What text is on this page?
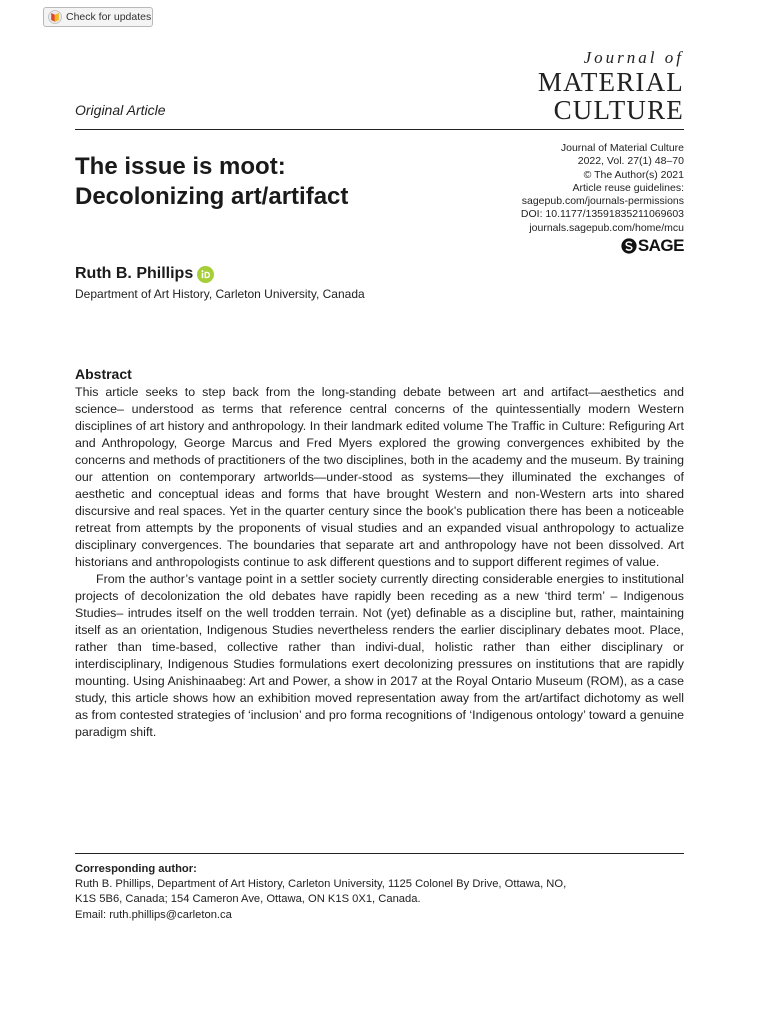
Check for updates
Journal of
MATERIAL
CULTURE
Original Article
The issue is moot:
Decolonizing art/artifact
Journal of Material Culture
2022, Vol. 27(1) 48–70
© The Author(s) 2021
Article reuse guidelines:
sagepub.com/journals-permissions
DOI: 10.1177/13591835211069603
journals.sagepub.com/home/mcu
SAGE
Ruth B. Phillips
Department of Art History, Carleton University, Canada
Abstract

This article seeks to step back from the long-standing debate between art and artifact—aesthetics and science– understood as terms that reference central concerns of the quintessentially modern Western disciplines of art history and anthropology. In their landmark edited volume The Traffic in Culture: Refiguring Art and Anthropology, George Marcus and Fred Myers explored the growing convergences exhibited by the concerns and methods of practitioners of the two disciplines, both in the academy and the museum. By training our attention on contemporary artworlds—under-stood as systems—they illuminated the exchanges of aesthetic and conceptual ideas and forms that have brought Western and non-Western arts into shared discursive and real spaces. Yet in the quarter century since the book’s publication there has been a noticeable retreat from attempts by the proponents of visual studies and an expanded visual anthropology to actualize disciplinary convergences. The boundaries that separate art and anthropology have not been dissolved. Art historians and anthropologists continue to ask different questions and to support different regimes of value.

From the author’s vantage point in a settler society currently directing considerable energies to institutional projects of decolonization the old debates have rapidly been receding as a new ‘third term’ – Indigenous Studies– intrudes itself on the well trodden terrain. Not (yet) definable as a discipline but, rather, maintaining itself as an orientation, Indigenous Studies nevertheless renders the earlier disciplinary debates moot. Place, rather than time-based, collective rather than indivi-dual, holistic rather than either disciplinary or interdisciplinary, Indigenous Studies formulations exert decolonizing pressures on institutions that are rapidly mounting. Using Anishinaabeg: Art and Power, a show in 2017 at the Royal Ontario Museum (ROM), as a case study, this article shows how an exhibition moved representation away from the art/artifact dichotomy as well as from contested strategies of ‘inclusion’ and pro forma recognitions of ‘Indigenous ontology’ toward a genuine paradigm shift.

Corresponding author:
Ruth B. Phillips, Department of Art History, Carleton University, 1125 Colonel By Drive, Ottawa, NO,
K1S 5B6, Canada; 154 Cameron Ave, Ottawa, ON K1S 0X1, Canada.
Email: ruth.phillips@carleton.ca
